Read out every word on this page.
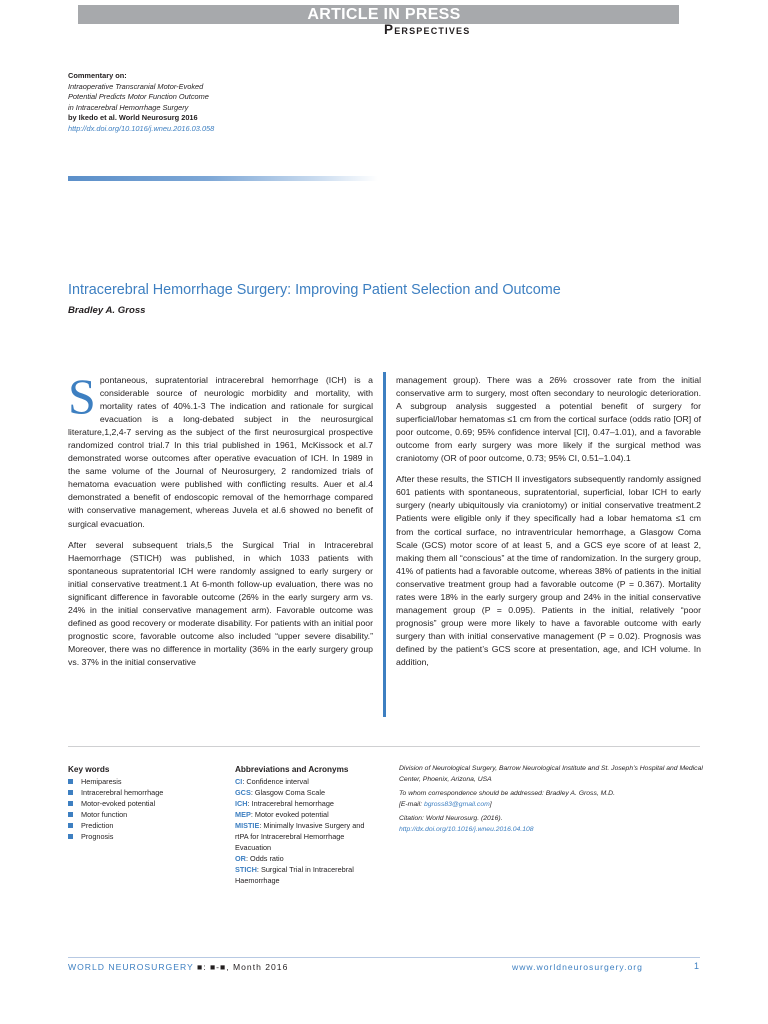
ARTICLE IN PRESS
Perspectives
Commentary on:
Intraoperative Transcranial Motor-Evoked
Potential Predicts Motor Function Outcome
in Intracerebral Hemorrhage Surgery
by Ikedo et al. World Neurosurg 2016
http://dx.doi.org/10.1016/j.wneu.2016.03.058
Intracerebral Hemorrhage Surgery: Improving Patient Selection and Outcome
Bradley A. Gross

S pontaneous, supratentorial intracerebral hemorrhage (ICH) is a considerable source of neurologic morbidity and mortality, with mortality rates of 40%.1-3 The indication and rationale for surgical evacuation is a long-debated subject in the neurosurgical literature,1,2,4-7 serving as the subject of the first neurosurgical prospective randomized control trial.7 In this trial published in 1961, McKissock et al.7 demonstrated worse outcomes after operative evacuation of ICH. In 1989 in the same volume of the Journal of Neurosurgery, 2 randomized trials of hematoma evacuation were published with conflicting results. Auer et al.4 demonstrated a benefit of endoscopic removal of the hemorrhage compared with conservative management, whereas Juvela et al.6 showed no benefit of surgical evacuation.

After several subsequent trials,5 the Surgical Trial in Intracerebral Haemorrhage (STICH) was published, in which 1033 patients with spontaneous supratentorial ICH were randomly assigned to early surgery or initial conservative treatment.1 At 6-month follow-up evaluation, there was no significant difference in favorable outcome (26% in the early surgery arm vs. 24% in the initial conservative management arm). Favorable outcome was defined as good recovery or moderate disability. For patients with an initial poor prognostic score, favorable outcome also included “upper severe disability.” Moreover, there was no difference in mortality (36% in the early surgery group vs. 37% in the initial conservative

management group). There was a 26% crossover rate from the initial conservative arm to surgery, most often secondary to neurologic deterioration. A subgroup analysis suggested a potential benefit of surgery for superficial/lobar hematomas ≤1 cm from the cortical surface (odds ratio [OR] of poor outcome, 0.69; 95% confidence interval [CI], 0.47–1.01), and a favorable outcome from early surgery was more likely if the surgical method was craniotomy (OR of poor outcome, 0.73; 95% CI, 0.51–1.04).1

After these results, the STICH II investigators subsequently randomly assigned 601 patients with spontaneous, supratentorial, superficial, lobar ICH to early surgery (nearly ubiquitously via craniotomy) or initial conservative treatment.2 Patients were eligible only if they specifically had a lobar hematoma ≤1 cm from the cortical surface, no intraventricular hemorrhage, a Glasgow Coma Scale (GCS) motor score of at least 5, and a GCS eye score of at least 2, making them all “conscious” at the time of randomization. In the surgery group, 41% of patients had a favorable outcome, whereas 38% of patients in the initial conservative treatment group had a favorable outcome (P = 0.367). Mortality rates were 18% in the early surgery group and 24% in the initial conservative management group (P = 0.095). Patients in the initial, relatively “poor prognosis” group were more likely to have a favorable outcome with early surgery than with initial conservative management (P = 0.02). Prognosis was defined by the patient’s GCS score at presentation, age, and ICH volume. In addition,

Key words
Hemiparesis
Intracerebral hemorrhage
Motor-evoked potential
Motor function
Prediction
Prognosis
Abbreviations and Acronyms
CI: Confidence interval
GCS: Glasgow Coma Scale
ICH: Intracerebral hemorrhage
MEP: Motor evoked potential
MISTIE: Minimally Invasive Surgery and rtPA for Intracerebral Hemorrhage Evacuation
OR: Odds ratio
STICH: Surgical Trial in Intracerebral Haemorrhage

Division of Neurological Surgery, Barrow Neurological Institute and St. Joseph’s Hospital and Medical Center, Phoenix, Arizona, USA

To whom correspondence should be addressed: Bradley A. Gross, M.D.
[E-mail: bgross83@gmail.com]

Citation: World Neurosurg. (2016).
http://dx.doi.org/10.1016/j.wneu.2016.04.108

WORLD NEUROSURGERY ■: ■-■, Month 2016	www.worldneurosurgery.org	1
